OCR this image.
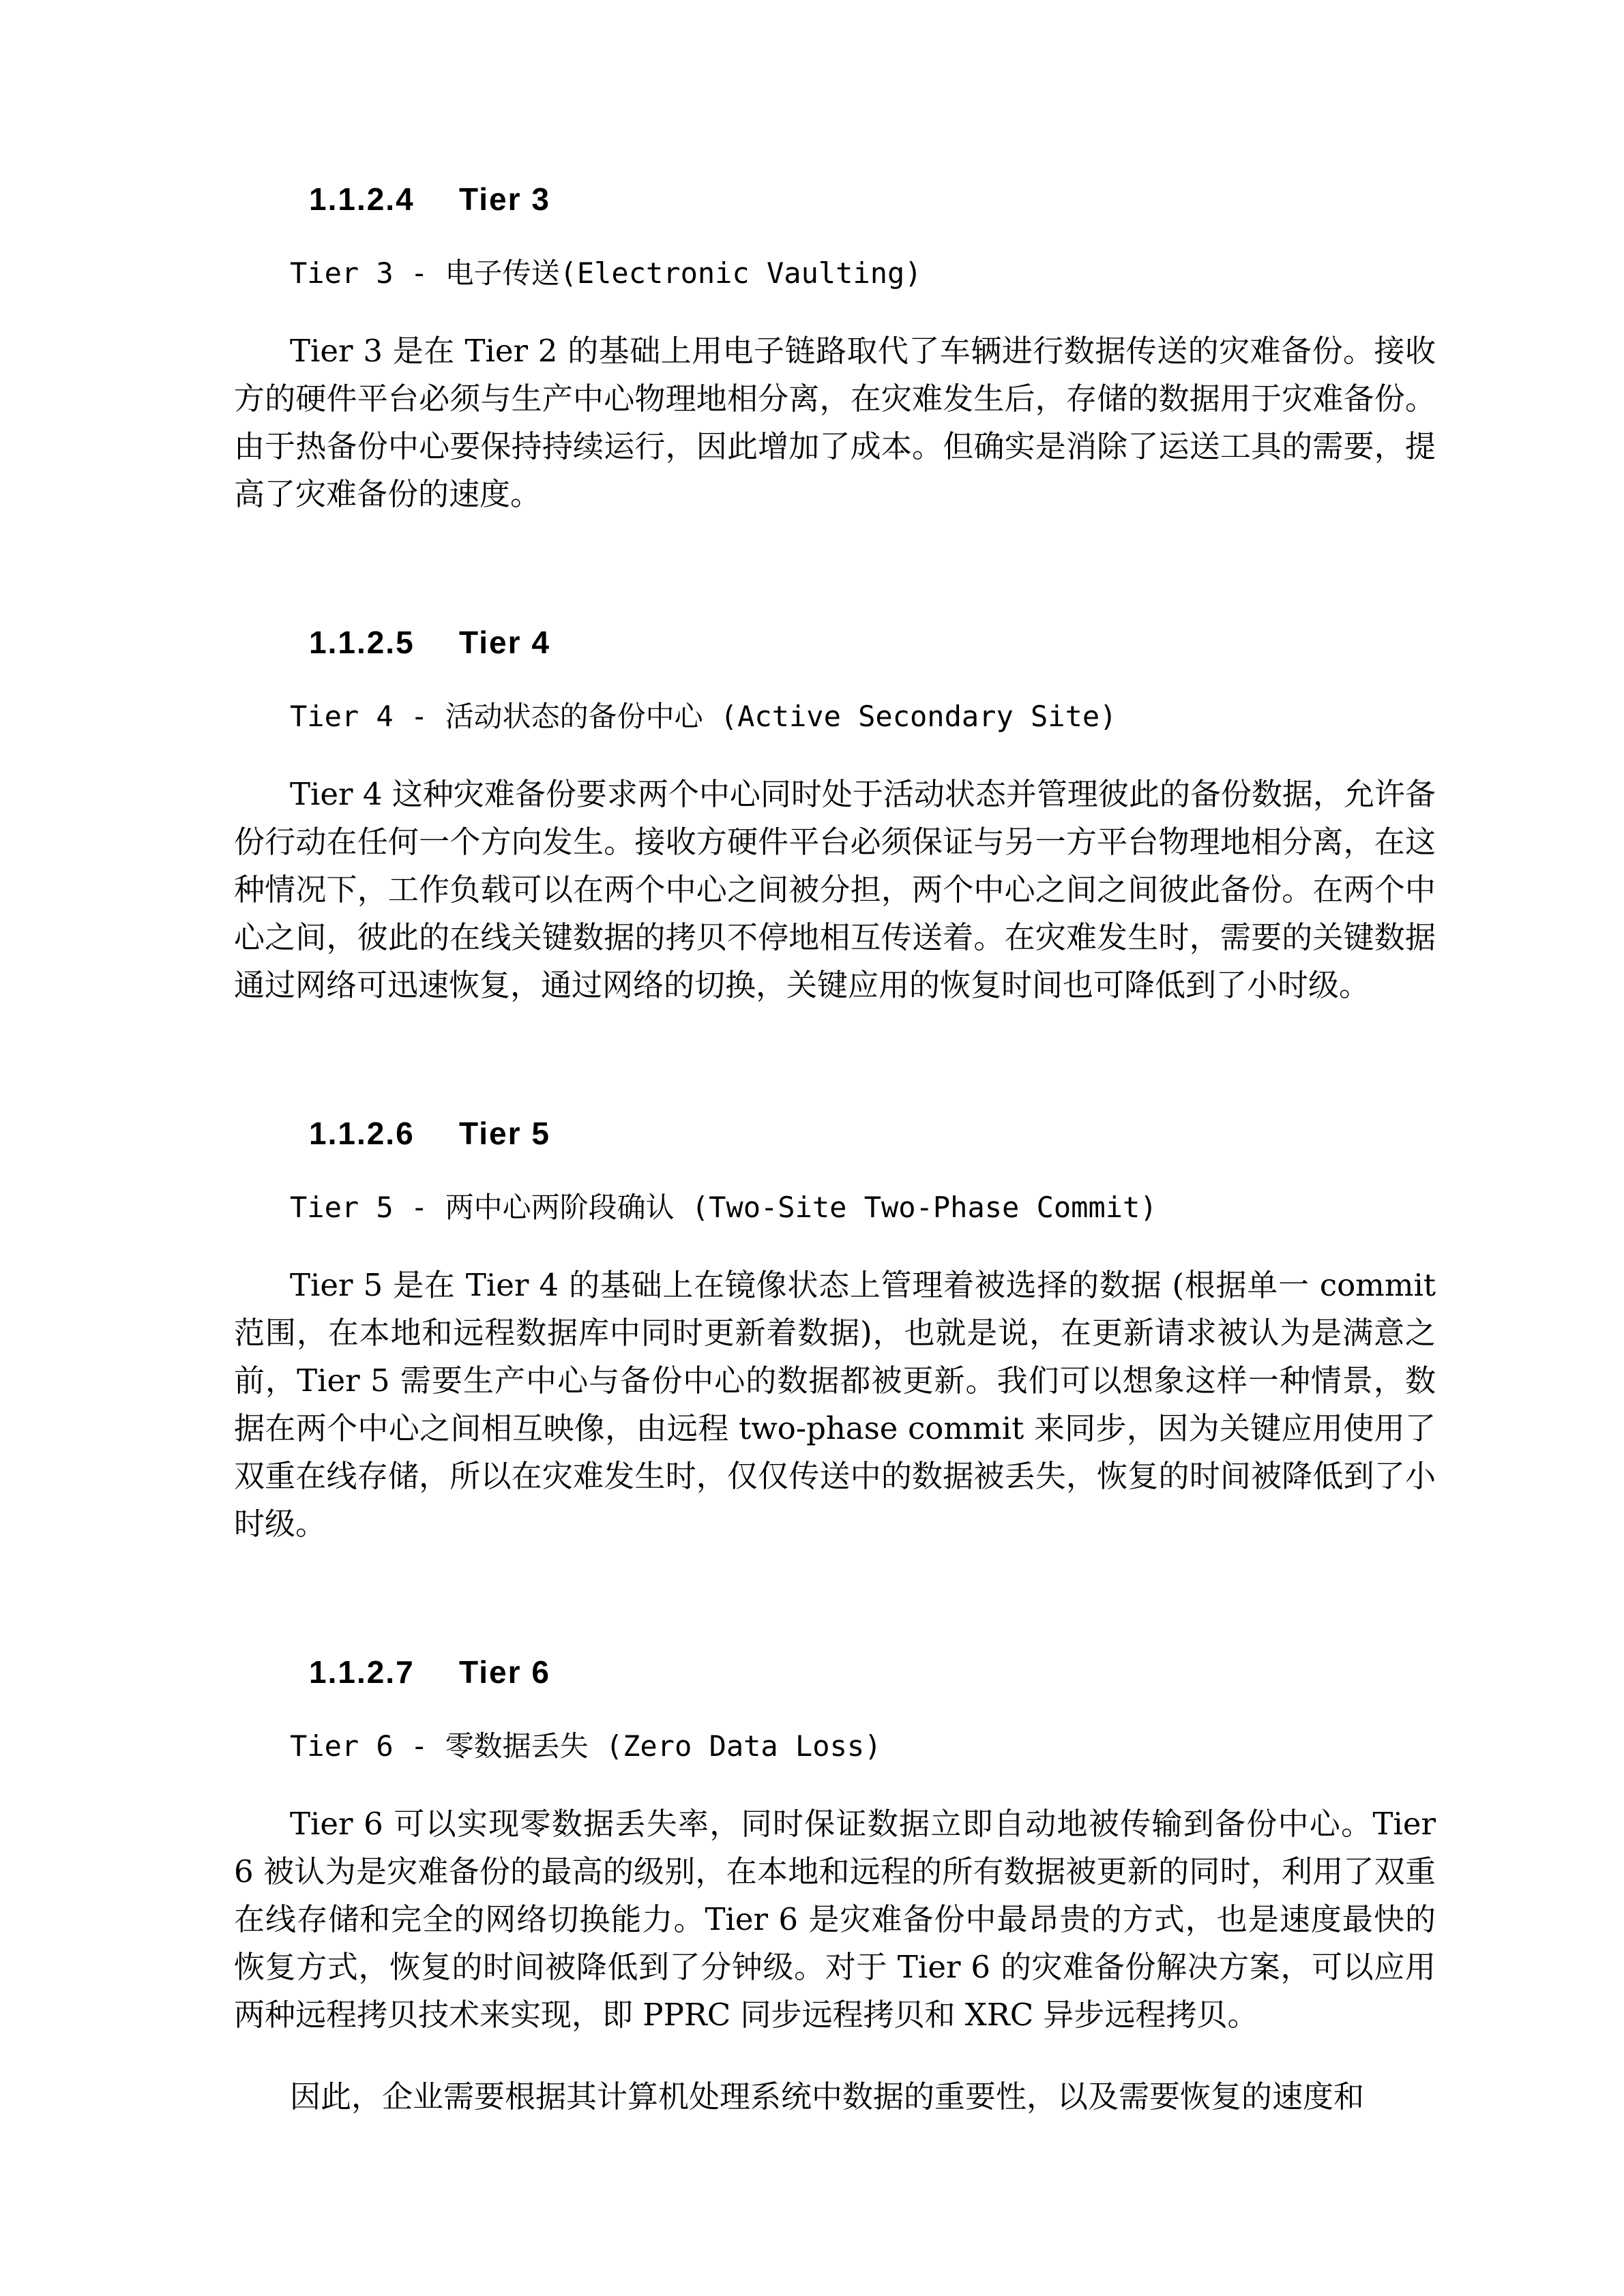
1.1.2.4 Tier 3
Tier 3 - 电子传送(Electronic Vaulting)

Tier 3 是在 Tier 2 的基础上用电子链路取代了车辆进行数据传送的灾难备份。接收方的硬件平台必须与生产中心物理地相分离，在灾难发生后，存储的数据用于灾难备份。由于热备份中心要保持持续运行，因此增加了成本。但确实是消除了运送工具的需要，提高了灾难备份的速度。

1.1.2.5 Tier 4
Tier 4 - 活动状态的备份中心 (Active Secondary Site)

Tier 4 这种灾难备份要求两个中心同时处于活动状态并管理彼此的备份数据，允许备份行动在任何一个方向发生。接收方硬件平台必须保证与另一方平台物理地相分离，在这种情况下，工作负载可以在两个中心之间被分担，两个中心之间之间彼此备份。在两个中心之间，彼此的在线关键数据的拷贝不停地相互传送着。在灾难发生时，需要的关键数据通过网络可迅速恢复，通过网络的切换，关键应用的恢复时间也可降低到了小时级。

1.1.2.6 Tier 5
Tier 5 - 两中心两阶段确认 (Two-Site Two-Phase Commit)

Tier 5 是在 Tier 4 的基础上在镜像状态上管理着被选择的数据 (根据单一 commit 范围，在本地和远程数据库中同时更新着数据)，也就是说，在更新请求被认为是满意之前，Tier 5 需要生产中心与备份中心的数据都被更新。我们可以想象这样一种情景，数据在两个中心之间相互映像，由远程 two-phase commit 来同步，因为关键应用使用了双重在线存储，所以在灾难发生时，仅仅传送中的数据被丢失，恢复的时间被降低到了小时级。

1.1.2.7 Tier 6
Tier 6 - 零数据丢失 (Zero Data Loss)

Tier 6 可以实现零数据丢失率，同时保证数据立即自动地被传输到备份中心。Tier 6 被认为是灾难备份的最高的级别，在本地和远程的所有数据被更新的同时，利用了双重在线存储和完全的网络切换能力。Tier 6 是灾难备份中最昂贵的方式，也是速度最快的恢复方式，恢复的时间被降低到了分钟级。对于 Tier 6 的灾难备份解决方案，可以应用两种远程拷贝技术来实现，即 PPRC 同步远程拷贝和 XRC 异步远程拷贝。

因此，企业需要根据其计算机处理系统中数据的重要性，以及需要恢复的速度和
